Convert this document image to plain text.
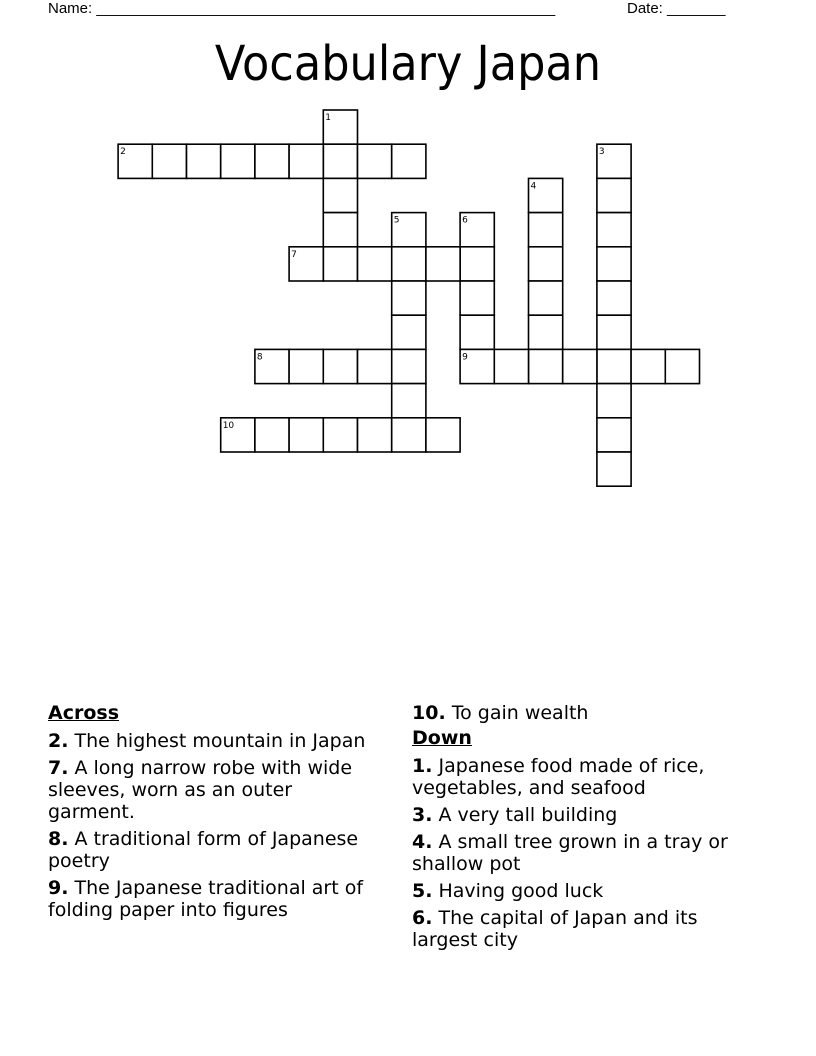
Name: _______________________________________________________	Date: _______
Vocabulary Japan
1
2	3
4
5	6
7
8	9
10
Across
2. The highest mountain in Japan
7. A long narrow robe with wide sleeves, worn as an outer garment.
8. A traditional form of Japanese poetry
9. The Japanese traditional art of folding paper into figures
10. To gain wealth
Down
1. Japanese food made of rice, vegetables, and seafood
3. A very tall building
4. A small tree grown in a tray or shallow pot
5. Having good luck
6. The capital of Japan and its largest city
